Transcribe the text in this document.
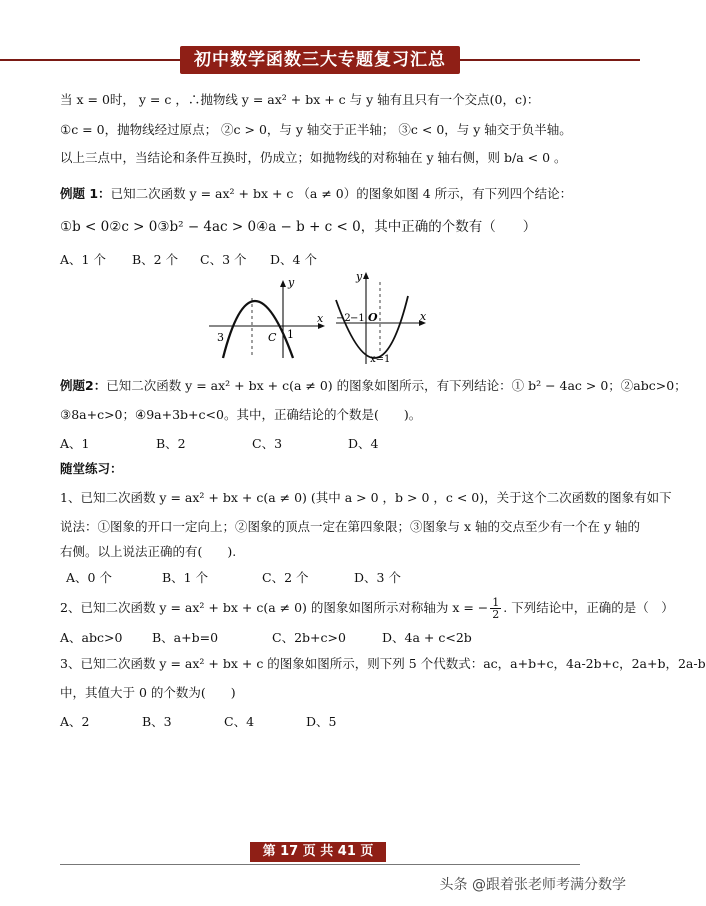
初中数学函数三大专题复习汇总
当 x = 0时， y = c ，∴抛物线 y = ax² + bx + c 与 y 轴有且只有一个交点(0，c)：
①c = 0，抛物线经过原点； ②c > 0，与 y 轴交于正半轴； ③c < 0，与 y 轴交于负半轴。
以上三点中，当结论和条件互换时，仍成立；如抛物线的对称轴在 y 轴右侧，则 b/a < 0 。
例题 1：已知二次函数 y = ax² + bx + c （a ≠ 0）的图象如图 4 所示，有下列四个结论：
①b < 0②c > 0③b² − 4ac > 0④a − b + c < 0，其中正确的个数有（　　）
A、1 个 B、2 个 C、3 个 D、4 个
y
x
3	C 1
y
x
−2 −1 O
x=1
例题2：已知二次函数 y = ax² + bx + c(a ≠ 0) 的图象如图所示，有下列结论：① b² − 4ac > 0；②abc>0；
③8a+c>0；④9a+3b+c<0。其中，正确结论的个数是(　　)。
A、1	B、2	C、3	D、4
随堂练习：
1、已知二次函数 y = ax² + bx + c(a ≠ 0) (其中 a > 0 ，b > 0 ，c < 0)，关于这个二次函数的图象有如下
说法：①图象的开口一定向上；②图象的顶点一定在第四象限；③图象与 x 轴的交点至少有一个在 y 轴的
右侧。以上说法正确的有(　　).
A、0 个	B、1 个	C、2 个	D、3 个
2、已知二次函数 y = ax² + bx + c(a ≠ 0) 的图象如图所示对称轴为 x = − $\frac{1}{2}$ . 下列结论中，正确的是（　）
A、abc>0 B、a+b=0	C、2b+c>0	D、4a + c<2b
3、已知二次函数 y = ax² + bx + c 的图象如图所示，则下列 5 个代数式：ac，a+b+c，4a-2b+c，2a+b，2a-b
中，其值大于 0 的个数为(　　)
A、2	B、3	C、4	D、5
第 17 页 共 41 页
头条 @跟着张老师考满分数学
